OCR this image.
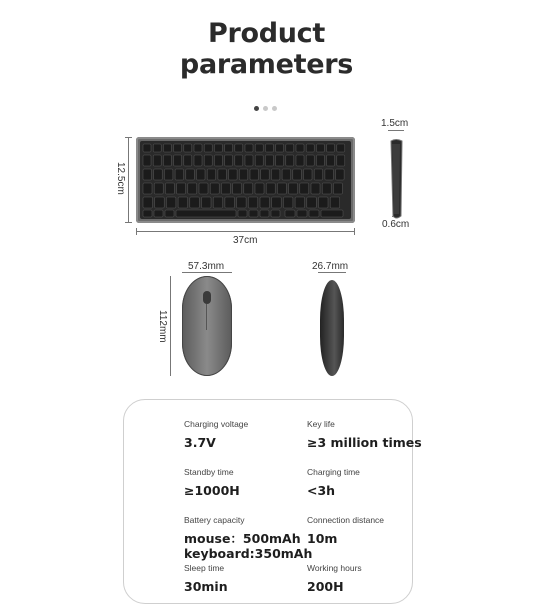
Product
parameters
12.5cm
37cm
1.5cm
0.6cm
57.3mm
112mm
26.7mm
Charging voltage
3.7V
Key life
≥3 million times
Standby time
≥1000H
Charging time
<3h
Battery capacity
mouse：500mAh
keyboard:350mAh
Connection distance
10m
Sleep time
30min
Working hours
200H
